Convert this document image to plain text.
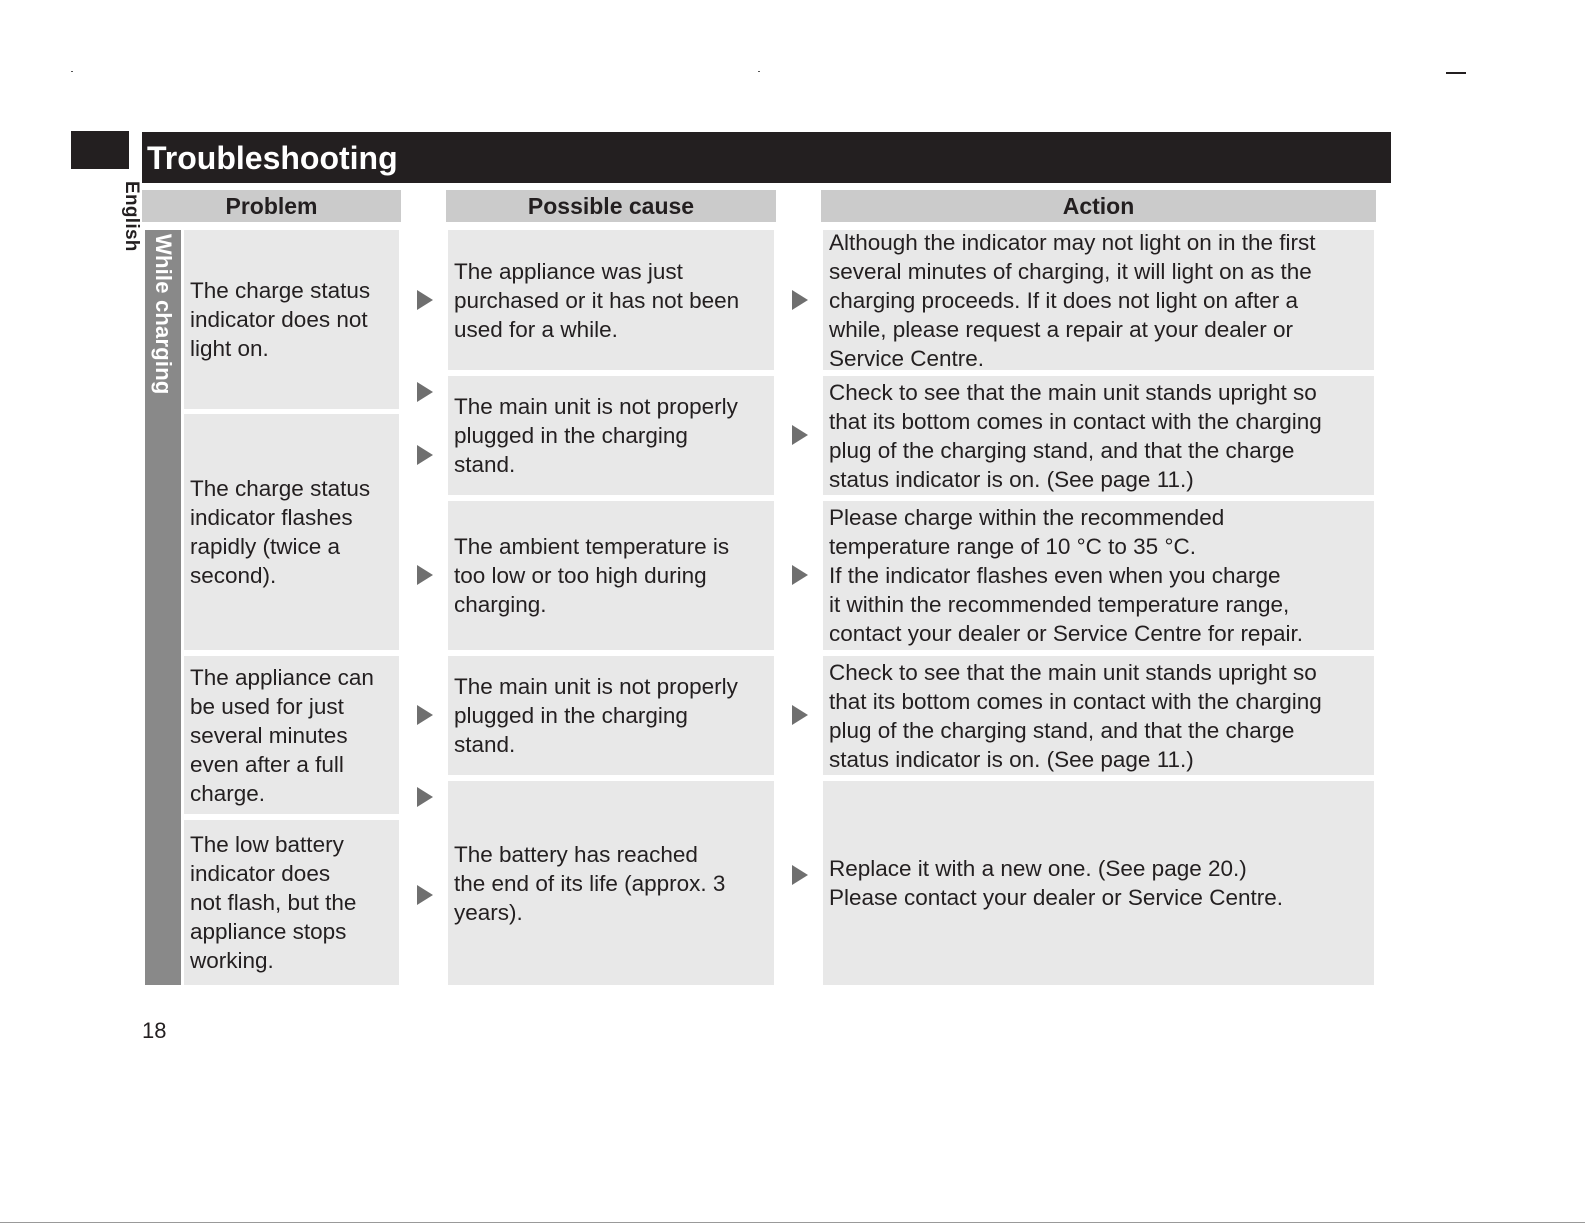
English
Troubleshooting
Problem	Possible cause	Action
While charging The charge status
indicator does not
light on.
The charge status
indicator flashes
rapidly (twice a
second).
The appliance can
be used for just
several minutes
even after a full
charge.
The low battery
indicator does
not flash, but the
appliance stops
working.
The appliance was just
purchased or it has not been
used for a while.
The main unit is not properly
plugged in the charging
stand.
The ambient temperature is
too low or too high during
charging.
The main unit is not properly
plugged in the charging
stand.
The battery has reached
the end of its life (approx. 3
years).
Although the indicator may not light on in the first
several minutes of charging, it will light on as the
charging proceeds. If it does not light on after a
while, please request a repair at your dealer or
Service Centre.
Check to see that the main unit stands upright so
that its bottom comes in contact with the charging
plug of the charging stand, and that the charge
status indicator is on. (See page 11.)
Please charge within the recommended
temperature range of 10 °C to 35 °C.
If the indicator flashes even when you charge
it within the recommended temperature range,
contact your dealer or Service Centre for repair.
Check to see that the main unit stands upright so
that its bottom comes in contact with the charging
plug of the charging stand, and that the charge
status indicator is on. (See page 11.)
Replace it with a new one. (See page 20.)
Please contact your dealer or Service Centre.
18
